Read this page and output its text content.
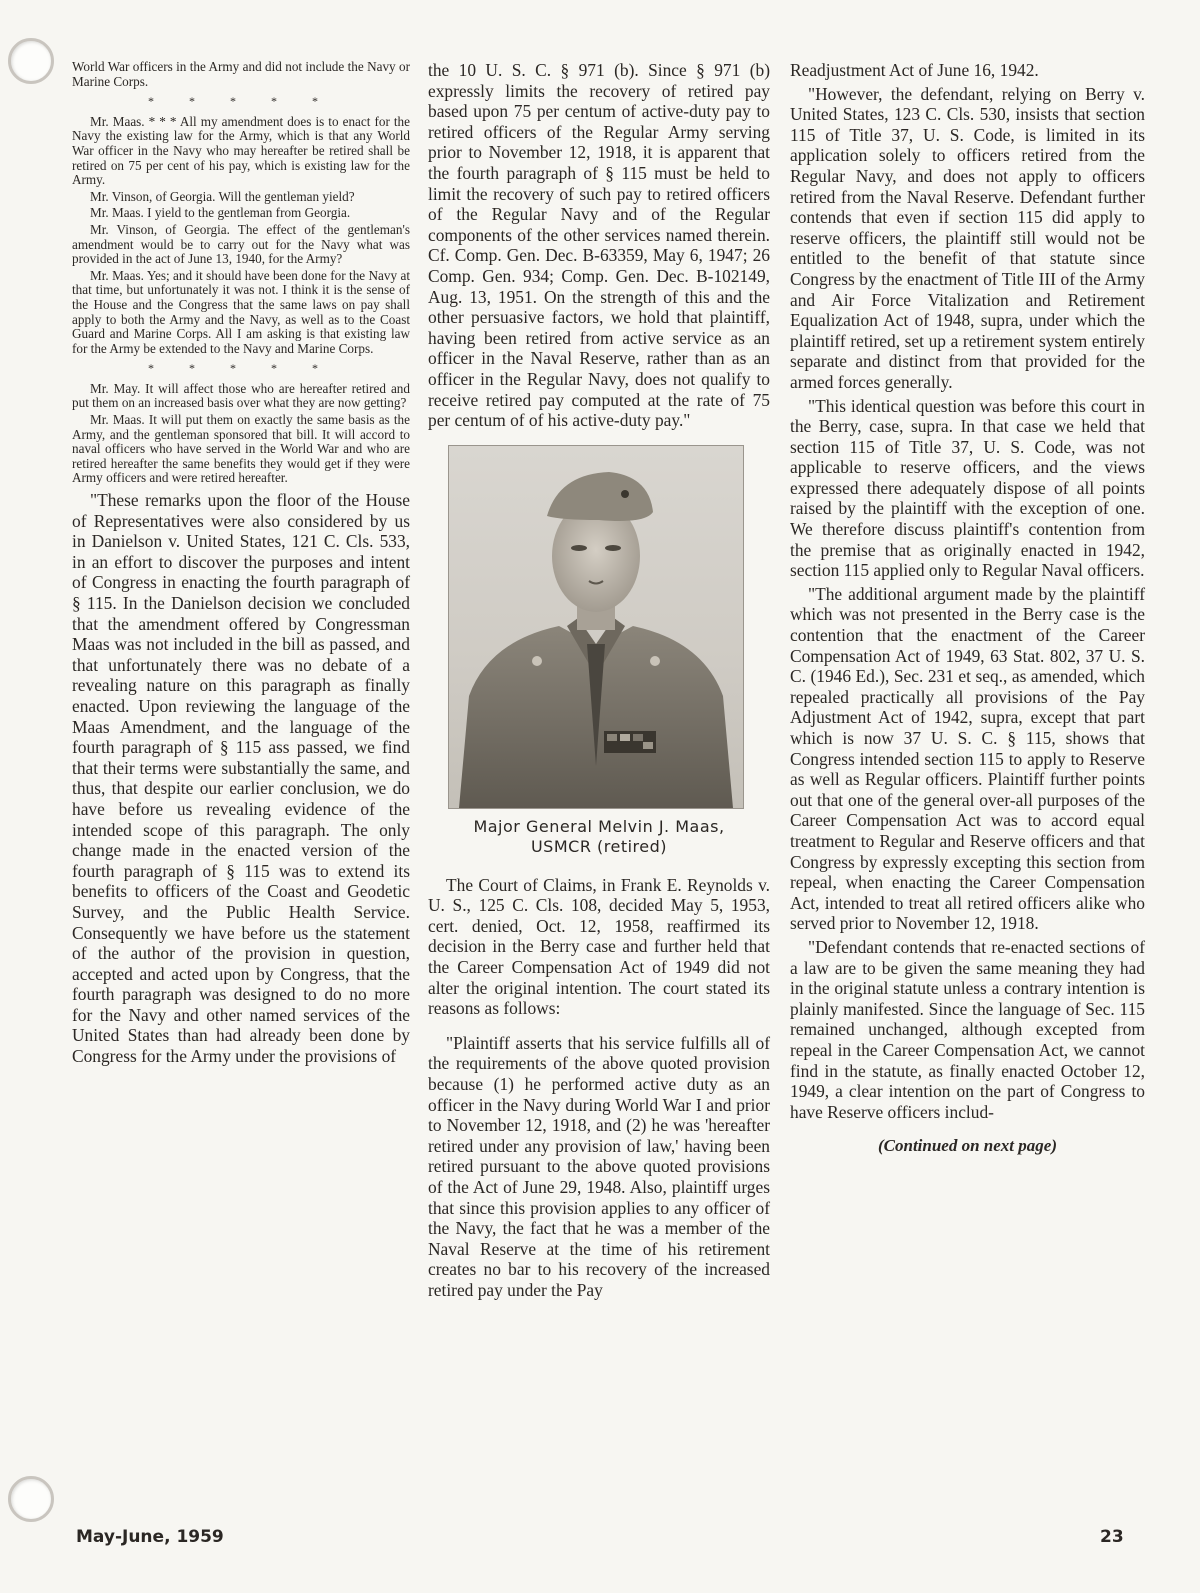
World War officers in the Army and did not include the Navy or Marine Corps.

* * * * *

Mr. Maas. * * * All my amendment does is to enact for the Navy the existing law for the Army, which is that any World War officer in the Navy who may hereafter be retired shall be retired on 75 per cent of his pay, which is existing law for the Army.

Mr. Vinson, of Georgia. Will the gentleman yield?

Mr. Maas. I yield to the gentleman from Georgia.

Mr. Vinson, of Georgia. The effect of the gentleman's amendment would be to carry out for the Navy what was provided in the act of June 13, 1940, for the Army?

Mr. Maas. Yes; and it should have been done for the Navy at that time, but unfortunately it was not. I think it is the sense of the House and the Congress that the same laws on pay shall apply to both the Army and the Navy, as well as to the Coast Guard and Marine Corps. All I am asking is that existing law for the Army be extended to the Navy and Marine Corps.

* * * * *

Mr. May. It will affect those who are hereafter retired and put them on an increased basis over what they are now getting?

Mr. Maas. It will put them on exactly the same basis as the Army, and the gentleman sponsored that bill. It will accord to naval officers who have served in the World War and who are retired hereafter the same benefits they would get if they were Army officers and were retired hereafter.

"These remarks upon the floor of the House of Representatives were also considered by us in Danielson v. United States, 121 C. Cls. 533, in an effort to discover the purposes and intent of Congress in enacting the fourth paragraph of § 115. In the Danielson decision we concluded that the amendment offered by Congressman Maas was not included in the bill as passed, and that unfortunately there was no debate of a revealing nature on this paragraph as finally enacted. Upon reviewing the language of the Maas Amendment, and the language of the fourth paragraph of § 115 ass passed, we find that their terms were substantially the same, and thus, that despite our earlier conclusion, we do have before us revealing evidence of the intended scope of this paragraph. The only change made in the enacted version of the fourth paragraph of § 115 was to extend its benefits to officers of the Coast and Geodetic Survey, and the Public Health Service. Consequently we have before us the statement of the author of the provision in question, accepted and acted upon by Congress, that the fourth paragraph was designed to do no more for the Navy and other named services of the United States than had already been done by Congress for the Army under the provisions of

the 10 U. S. C. § 971 (b). Since § 971 (b) expressly limits the recovery of retired pay based upon 75 per centum of active-duty pay to retired officers of the Regular Army serving prior to November 12, 1918, it is apparent that the fourth paragraph of § 115 must be held to limit the recovery of such pay to retired officers of the Regular Navy and of the Regular components of the other services named therein. Cf. Comp. Gen. Dec. B-63359, May 6, 1947; 26 Comp. Gen. 934; Comp. Gen. Dec. B-102149, Aug. 13, 1951. On the strength of this and the other persuasive factors, we hold that plaintiff, having been retired from active service as an officer in the Naval Reserve, rather than as an officer in the Regular Navy, does not qualify to receive retired pay computed at the rate of 75 per centum of of his active-duty pay."

Major General Melvin J. Maas,
USMCR (retired)

The Court of Claims, in Frank E. Reynolds v. U. S., 125 C. Cls. 108, decided May 5, 1953, cert. denied, Oct. 12, 1958, reaffirmed its decision in the Berry case and further held that the Career Compensation Act of 1949 did not alter the original intention. The court stated its reasons as follows:

"Plaintiff asserts that his service fulfills all of the requirements of the above quoted provision because (1) he performed active duty as an officer in the Navy during World War I and prior to November 12, 1918, and (2) he was 'hereafter retired under any provision of law,' having been retired pursuant to the above quoted provisions of the Act of June 29, 1948. Also, plaintiff urges that since this provision applies to any officer of the Navy, the fact that he was a member of the Naval Reserve at the time of his retirement creates no bar to his recovery of the increased retired pay under the Pay

Readjustment Act of June 16, 1942.

"However, the defendant, relying on Berry v. United States, 123 C. Cls. 530, insists that section 115 of Title 37, U. S. Code, is limited in its application solely to officers retired from the Regular Navy, and does not apply to officers retired from the Naval Reserve. Defendant further contends that even if section 115 did apply to reserve officers, the plaintiff still would not be entitled to the benefit of that statute since Congress by the enactment of Title III of the Army and Air Force Vitalization and Retirement Equalization Act of 1948, supra, under which the plaintiff retired, set up a retirement system entirely separate and distinct from that provided for the armed forces generally.

"This identical question was before this court in the Berry, case, supra. In that case we held that section 115 of Title 37, U. S. Code, was not applicable to reserve officers, and the views expressed there adequately dispose of all points raised by the plaintiff with the exception of one. We therefore discuss plaintiff's contention from the premise that as originally enacted in 1942, section 115 applied only to Regular Naval officers.

"The additional argument made by the plaintiff which was not presented in the Berry case is the contention that the enactment of the Career Compensation Act of 1949, 63 Stat. 802, 37 U. S. C. (1946 Ed.), Sec. 231 et seq., as amended, which repealed practically all provisions of the Pay Adjustment Act of 1942, supra, except that part which is now 37 U. S. C. § 115, shows that Congress intended section 115 to apply to Reserve as well as Regular officers. Plaintiff further points out that one of the general over-all purposes of the Career Compensation Act was to accord equal treatment to Regular and Reserve officers and that Congress by expressly excepting this section from repeal, when enacting the Career Compensation Act, intended to treat all retired officers alike who served prior to November 12, 1918.

"Defendant contends that re-enacted sections of a law are to be given the same meaning they had in the original statute unless a contrary intention is plainly manifested. Since the language of Sec. 115 remained unchanged, although excepted from repeal in the Career Compensation Act, we cannot find in the statute, as finally enacted October 12, 1949, a clear intention on the part of Congress to have Reserve officers includ-

(Continued on next page)
May-June, 1959	23
